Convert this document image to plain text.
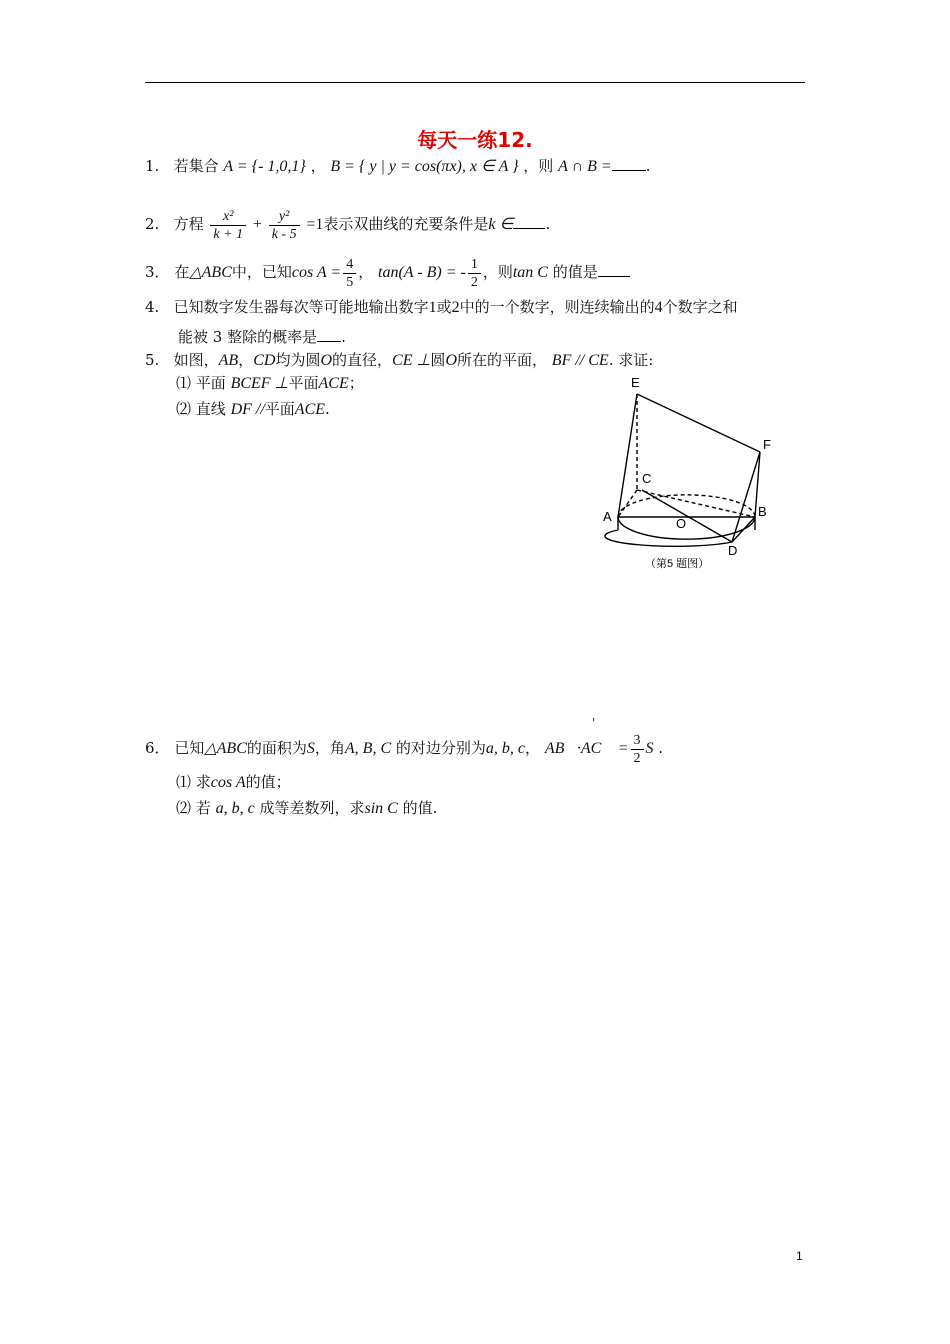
每天一练12.
1. 若集合 A = {- 1,0,1} ， B = { y | y = cos(πx), x ∈ A } ，则 A ∩ B = .
2. 方程 $\frac{\text{x²}}{k + 1} + \frac{\text{y²}}{k - 5} =1$表示双曲线的充要条件是k ∈ .
3． 在△ABC中，已知$\cos A = \frac{4}{5}$ ， tan(A - B) = - $\frac{1}{2}$ ，则tan C 的值是
4. 已知数字发生器每次等可能地输出数字1或2中的一个数字，则连续输出的4个数字之和
能被 3 整除的概率是 .
5. 如图，AB，CD均为圆O的直径，CE ⊥圆O所在的平面， BF // CE. 求证:
⑴ 平面 BCEF ⊥平面ACE；
⑵ 直线 DF //平面ACE.
E
F
C
A	O
B
D
（第5 题图）
'
6． 已知△ABC的面积为S，角A, B, C 的对边分别为a, b, c， AB⃗·AC⃗ = $\frac{3}{2}$ S .
⑴ 求cos A的值；
⑵ 若 a, b, c 成等差数列，求sin C 的值.
1
